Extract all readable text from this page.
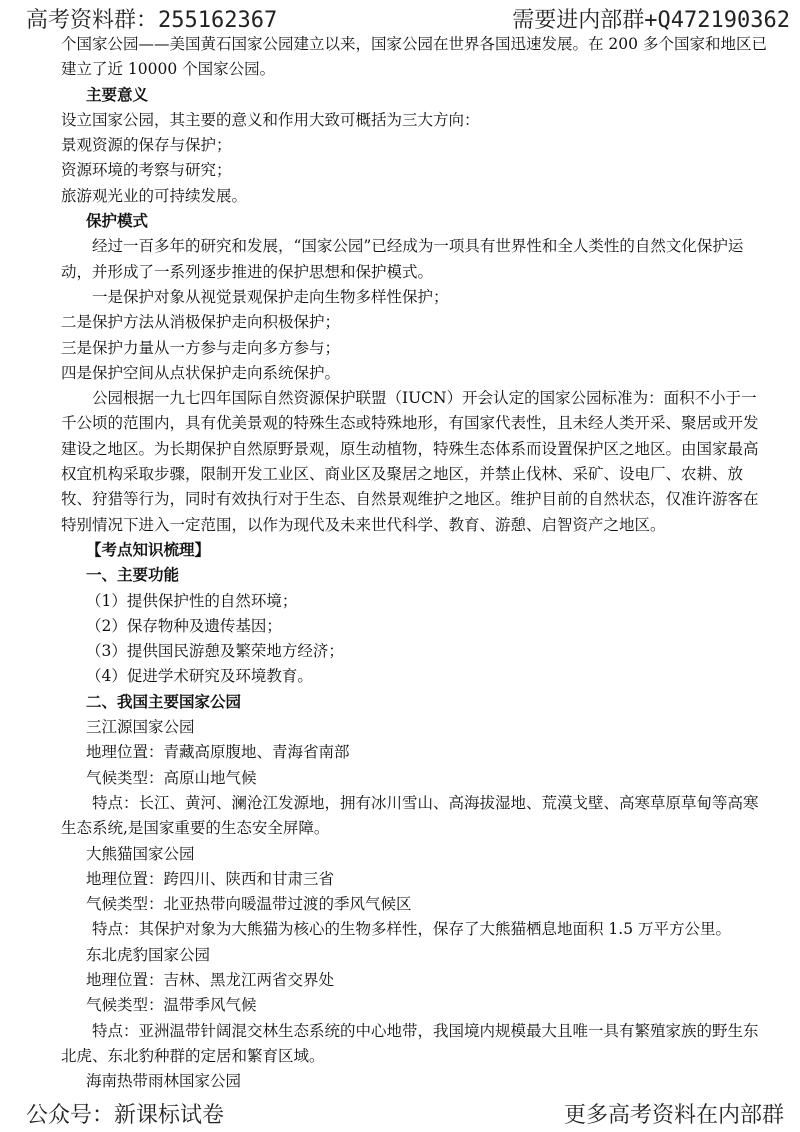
高考资料群：255162367	需要进内部群+Q472190362

个国家公园——美国黄石国家公园建立以来，国家公园在世界各国迅速发展。在 200 多个国家和地区已建立了近 10000 个国家公园。

主要意义

设立国家公园，其主要的意义和作用大致可概括为三大方向：

景观资源的保存与保护；

资源环境的考察与研究；

旅游观光业的可持续发展。

保护模式

经过一百多年的研究和发展，“国家公园”已经成为一项具有世界性和全人类性的自然文化保护运动，并形成了一系列逐步推进的保护思想和保护模式。

一是保护对象从视觉景观保护走向生物多样性保护；

二是保护方法从消极保护走向积极保护；

三是保护力量从一方参与走向多方参与；

四是保护空间从点状保护走向系统保护。

公园根据一九七四年国际自然资源保护联盟（IUCN）开会认定的国家公园标准为：面积不小于一千公顷的范围内，具有优美景观的特殊生态或特殊地形，有国家代表性，且未经人类开采、聚居或开发建设之地区。为长期保护自然原野景观，原生动植物，特殊生态体系而设置保护区之地区。由国家最高权宜机构采取步骤，限制开发工业区、商业区及聚居之地区，并禁止伐林、采矿、设电厂、农耕、放牧、狩猎等行为，同时有效执行对于生态、自然景观维护之地区。维护目前的自然状态，仅准许游客在特别情况下进入一定范围，以作为现代及未来世代科学、教育、游憩、启智资产之地区。

【考点知识梳理】

一、主要功能

（1）提供保护性的自然环境；

（2）保存物种及遗传基因；

（3）提供国民游憩及繁荣地方经济；

（4）促进学术研究及环境教育。

二、我国主要国家公园

三江源国家公园

地理位置：青藏高原腹地、青海省南部

气候类型：高原山地气候

特点：长江、黄河、澜沧江发源地，拥有冰川雪山、高海拔湿地、荒漠戈壁、高寒草原草甸等高寒生态系统,是国家重要的生态安全屏障。

大熊猫国家公园

地理位置：跨四川、陕西和甘肃三省

气候类型：北亚热带向暖温带过渡的季风气候区

特点：其保护对象为大熊猫为核心的生物多样性，保存了大熊猫栖息地面积 1.5 万平方公里。

东北虎豹国家公园

地理位置：吉林、黑龙江两省交界处

气候类型：温带季风气候

特点：亚洲温带针阔混交林生态系统的中心地带，我国境内规模最大且唯一具有繁殖家族的野生东北虎、东北豹种群的定居和繁育区域。

海南热带雨林国家公园

公众号：新课标试卷	更多高考资料在内部群
